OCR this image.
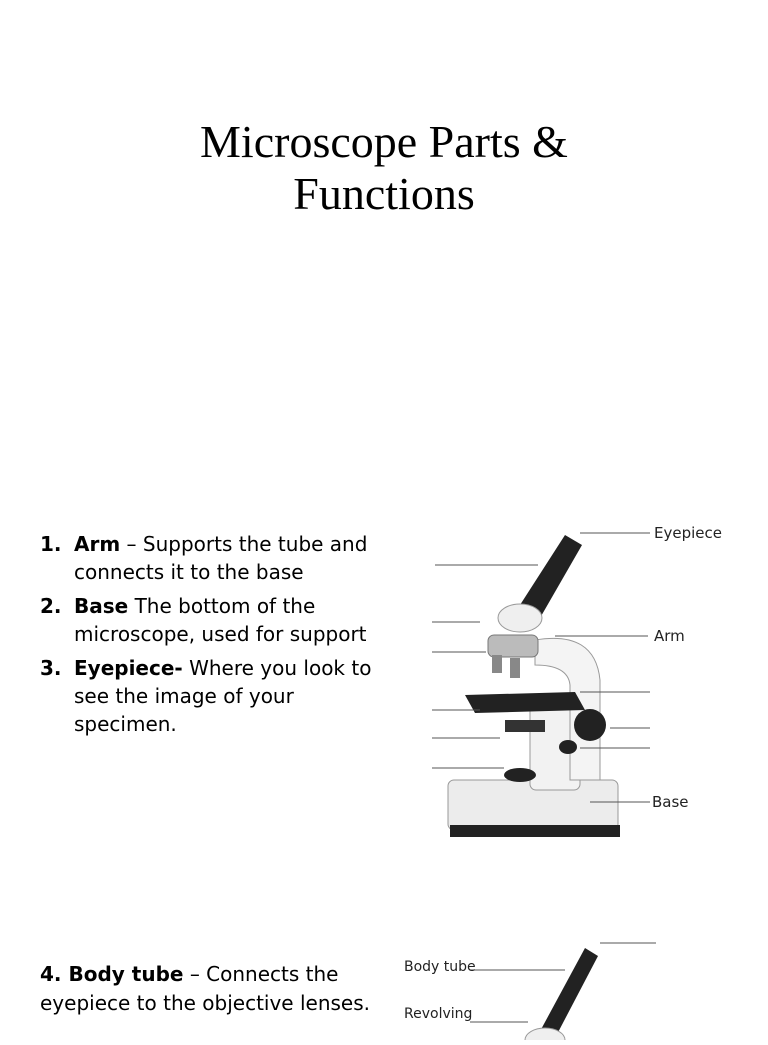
Microscope Parts &
Functions
1. Arm – Supports the tube and connects it to the base
2. Base The bottom of the microscope, used for support
3. Eyepiece- Where you look to see the image of your specimen.
Eyepiece
Arm
Base
4. Body tube – Connects the eyepiece to the objective lenses.
Body tube
Revolving
